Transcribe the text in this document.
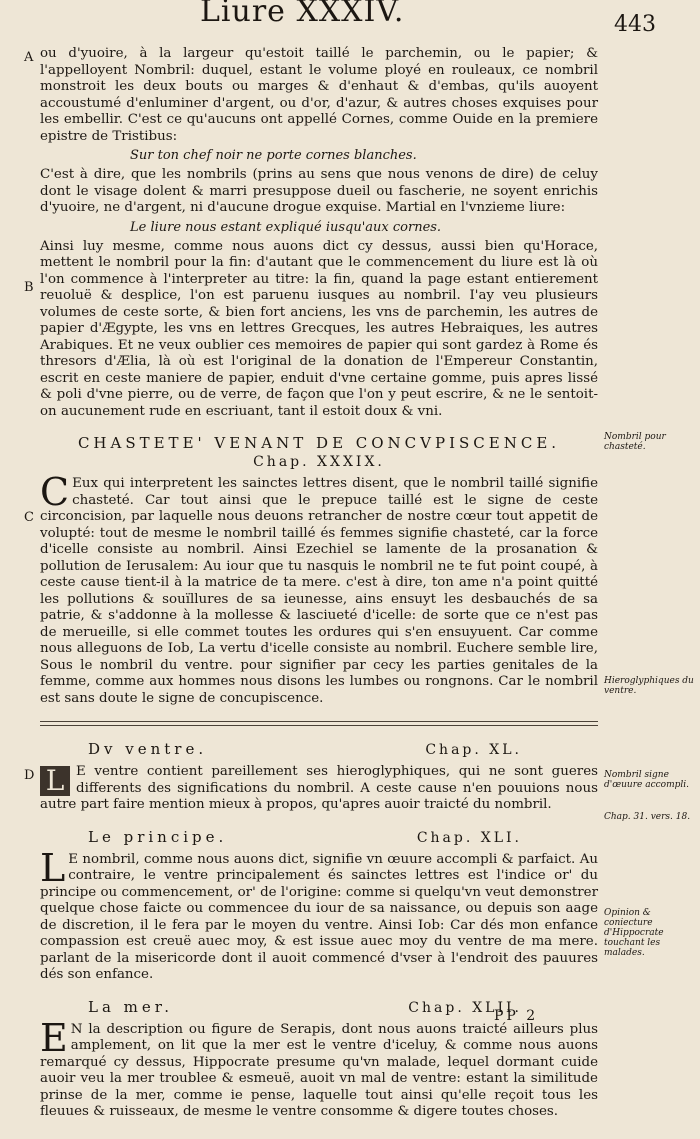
Liure XXXIV.	443
A
B
C
D

ou d'yuoire, à la largeur qu'estoit taillé le parchemin, ou le papier; & l'appelloyent Nombril: duquel, estant le volume ployé en rouleaux, ce nombril monstroit les deux bouts ou marges & d'enhaut & d'embas, qu'ils auoyent accoustumé d'enluminer d'argent, ou d'or, d'azur, & autres choses exquises pour les embellir. C'est ce qu'aucuns ont appellé Cornes, comme Ouide en la premiere epistre de Tristibus:

Sur ton chef noir ne porte cornes blanches.

C'est à dire, que les nombrils (prins au sens que nous venons de dire) de celuy dont le visage dolent & marri presuppose dueil ou fascherie, ne soyent enrichis d'yuoire, ne d'argent, ni d'aucune drogue exquise. Martial en l'vnzieme liure:

Le liure nous estant expliqué iusqu'aux cornes.

Ainsi luy mesme, comme nous auons dict cy dessus, aussi bien qu'Horace, mettent le nombril pour la fin: d'autant que le commencement du liure est là où l'on commence à l'interpreter au titre: la fin, quand la page estant entierement reuoluë & desplice, l'on est paruenu iusques au nombril. I'ay veu plusieurs volumes de ceste sorte, & bien fort anciens, les vns de parchemin, les autres de papier d'Ægypte, les vns en lettres Grecques, les autres Hebraiques, les autres Arabiques. Et ne veux oublier ces memoires de papier qui sont gardez à Rome és thresors d'Ælia, là où est l'original de la donation de l'Empereur Constantin, escrit en ceste maniere de papier, enduit d'vne certaine gomme, puis apres lissé & poli d'vne pierre, ou de verre, de façon que l'on y peut escrire, & ne le sentoit-on aucunement rude en escriuant, tant il estoit doux & vni.

CHASTETE' VENANT DE CONCVPISCENCE.
Chap. XXXIX.

C Eux qui interpretent les sainctes lettres disent, que le nombril taillé signifie chasteté. Car tout ainsi que le prepuce taillé est le signe de ceste circoncision, par laquelle nous deuons retrancher de nostre cœur tout appetit de volupté: tout de mesme le nombril taillé és femmes signifie chasteté, car la force d'icelle consiste au nombril. Ainsi Ezechiel se lamente de la prosanation & pollution de Ierusalem: Au iour que tu nasquis le nombril ne te fut point coupé, à ceste cause tient-il à la matrice de ta mere. c'est à dire, ton ame n'a point quitté les pollutions & souïllures de sa ieunesse, ains ensuyt les desbauchés de sa patrie, & s'addonne à la mollesse & lasciueté d'icelle: de sorte que ce n'est pas de merueille, si elle commet toutes les ordures qui s'en ensuyuent. Car comme nous alleguons de Iob, La vertu d'icelle consiste au nombril. Euchere semble lire, Sous le nombril du ventre. pour signifier par cecy les parties genitales de la femme, comme aux hommes nous disons les lumbes ou rongnons. Car le nombril est sans doute le signe de concupiscence.

Dv ventre.	Chap. XL.

L E ventre contient pareillement ses hieroglyphiques, qui ne sont gueres differents des significations du nombril. A ceste cause n'en pouuions nous autre part faire mention mieux à propos, qu'apres auoir traicté du nombril.

Le principe.	Chap. XLI.

L E nombril, comme nous auons dict, signifie vn œuure accompli & parfaict. Au contraire, le ventre principalement és sainctes lettres est l'indice or' du principe ou commencement, or' de l'origine: comme si quelqu'vn veut demonstrer quelque chose faicte ou commencee du iour de sa naissance, ou depuis son aage de discretion, il le fera par le moyen du ventre. Ainsi Iob: Car dés mon enfance compassion est creuë auec moy, & est issue auec moy du ventre de ma mere. parlant de la misericorde dont il auoit commencé d'vser à l'endroit des pauures dés son enfance.

La mer.	Chap. XLII.

E N la description ou figure de Serapis, dont nous auons traicté ailleurs plus amplement, on lit que la mer est le ventre d'iceluy, & comme nous auons remarqué cy dessus, Hippocrate presume qu'vn malade, lequel dormant cuide auoir veu la mer troublee & esmeuë, auoit vn mal de ventre: estant la similitude prinse de la mer, comme ie pense, laquelle tout ainsi qu'elle reçoit tous les fleuues & ruisseaux, de mesme le ventre consomme & digere toutes choses.

Nombril pour chasteté.
Hieroglyphiques du ventre.
Nombril signe d'œuure accompli.
Chap. 31. vers. 18.
Opinion & coniecture d'Hippocrate touchant les malades.
PP 2
